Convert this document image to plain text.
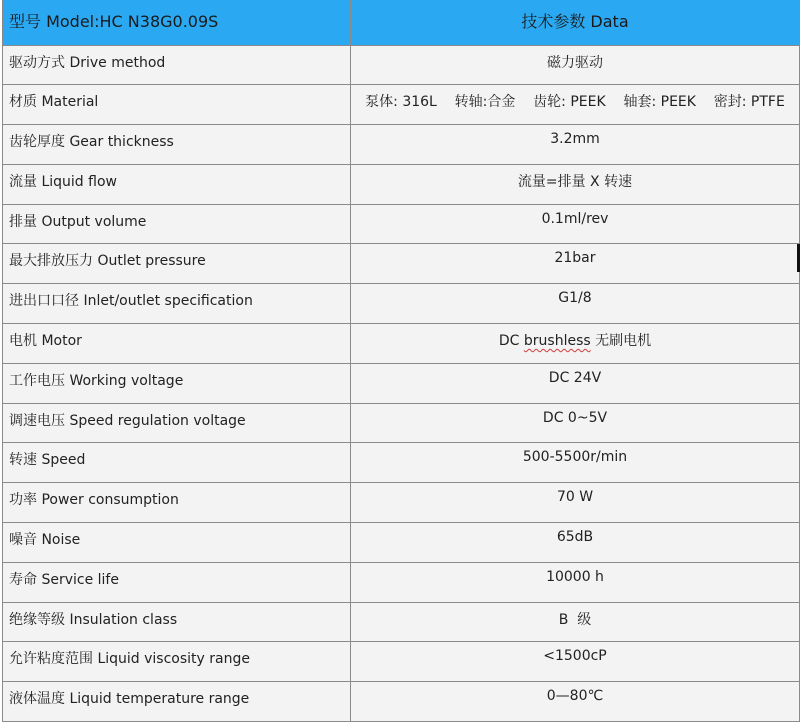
型号 Model:HC N38G0.09S	技术参数 Data
驱动方式 Drive method	磁力驱动
材质 Material	泵体: 316L    转轴:合金    齿轮: PEEK    轴套: PEEK    密封: PTFE
齿轮厚度 Gear thickness	3.2mm
流量 Liquid flow	流量=排量 X 转速
排量 Output volume	0.1ml/rev
最大排放压力 Outlet pressure	21bar
进出口口径 Inlet/outlet specification	G1/8
电机 Motor	DC brushless 无刷电机
工作电压 Working voltage	DC 24V
调速电压 Speed regulation voltage	DC 0~5V
转速 Speed	500-5500r/min
功率 Power consumption	70 W
噪音 Noise	65dB
寿命 Service life	10000 h
绝缘等级 Insulation class	B  级
允许粘度范围 Liquid viscosity range	<1500cP
液体温度 Liquid temperature range	0—80℃
